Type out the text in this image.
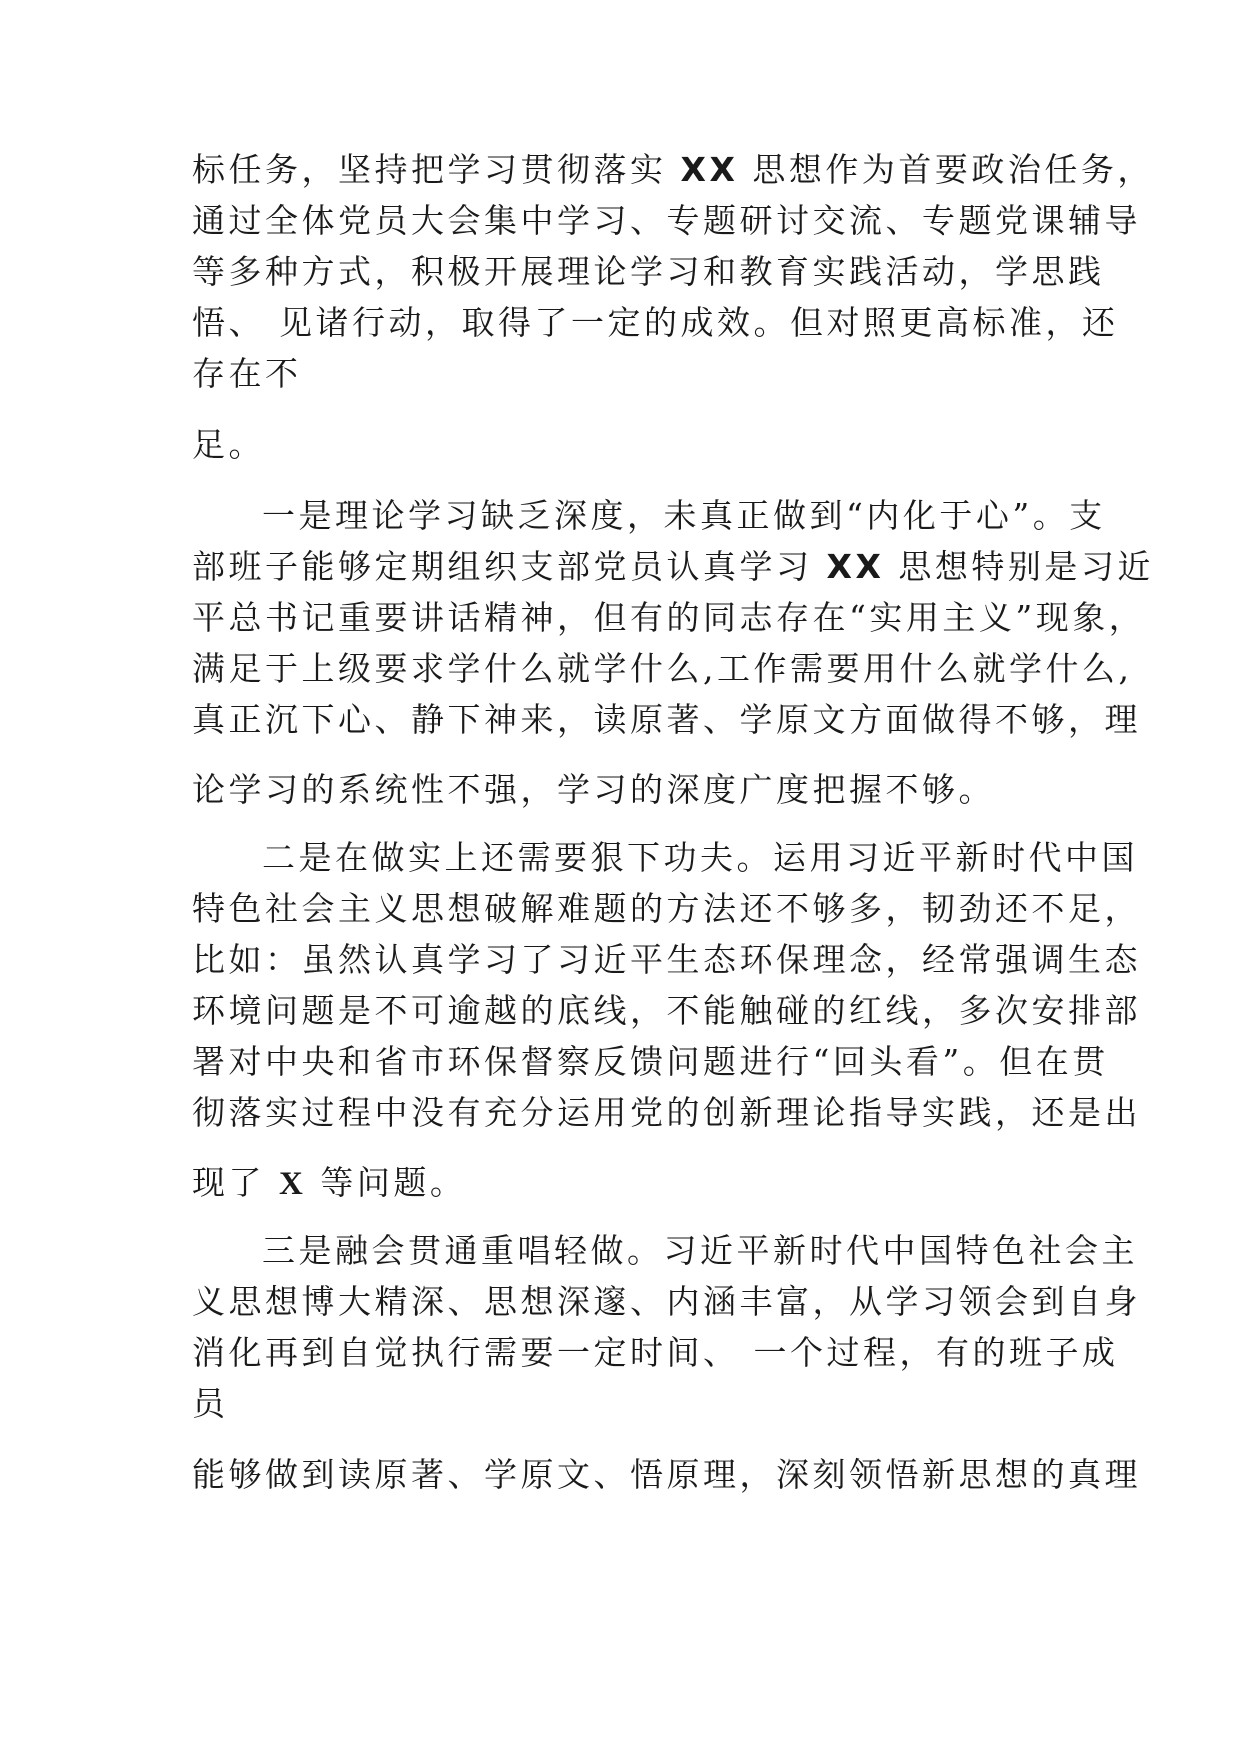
标任务，坚持把学习贯彻落实 XX 思想作为首要政治任务，
通过全体党员大会集中学习、专题研讨交流、专题党课辅导
等多种方式，积极开展理论学习和教育实践活动，学思践
悟、 见诸行动，取得了一定的成效。但对照更高标准，还
存在不
足。
一是理论学习缺乏深度，未真正做到“内化于心”。支
部班子能够定期组织支部党员认真学习 XX 思想特别是习近
平总书记重要讲话精神，但有的同志存在“实用主义”现象，
满足于上级要求学什么就学什么,工作需要用什么就学什么,
真正沉下心、静下神来，读原著、学原文方面做得不够，理
论学习的系统性不强，学习的深度广度把握不够。
二是在做实上还需要狠下功夫。运用习近平新时代中国
特色社会主义思想破解难题的方法还不够多，韧劲还不足，
比如：虽然认真学习了习近平生态环保理念，经常强调生态
环境问题是不可逾越的底线，不能触碰的红线，多次安排部
署对中央和省市环保督察反馈问题进行“回头看”。但在贯
彻落实过程中没有充分运用党的创新理论指导实践，还是出
现了 X 等问题。
三是融会贯通重唱轻做。习近平新时代中国特色社会主
义思想博大精深、思想深邃、内涵丰富，从学习领会到自身
消化再到自觉执行需要一定时间、 一个过程，有的班子成
员
能够做到读原著、学原文、悟原理，深刻领悟新思想的真理
